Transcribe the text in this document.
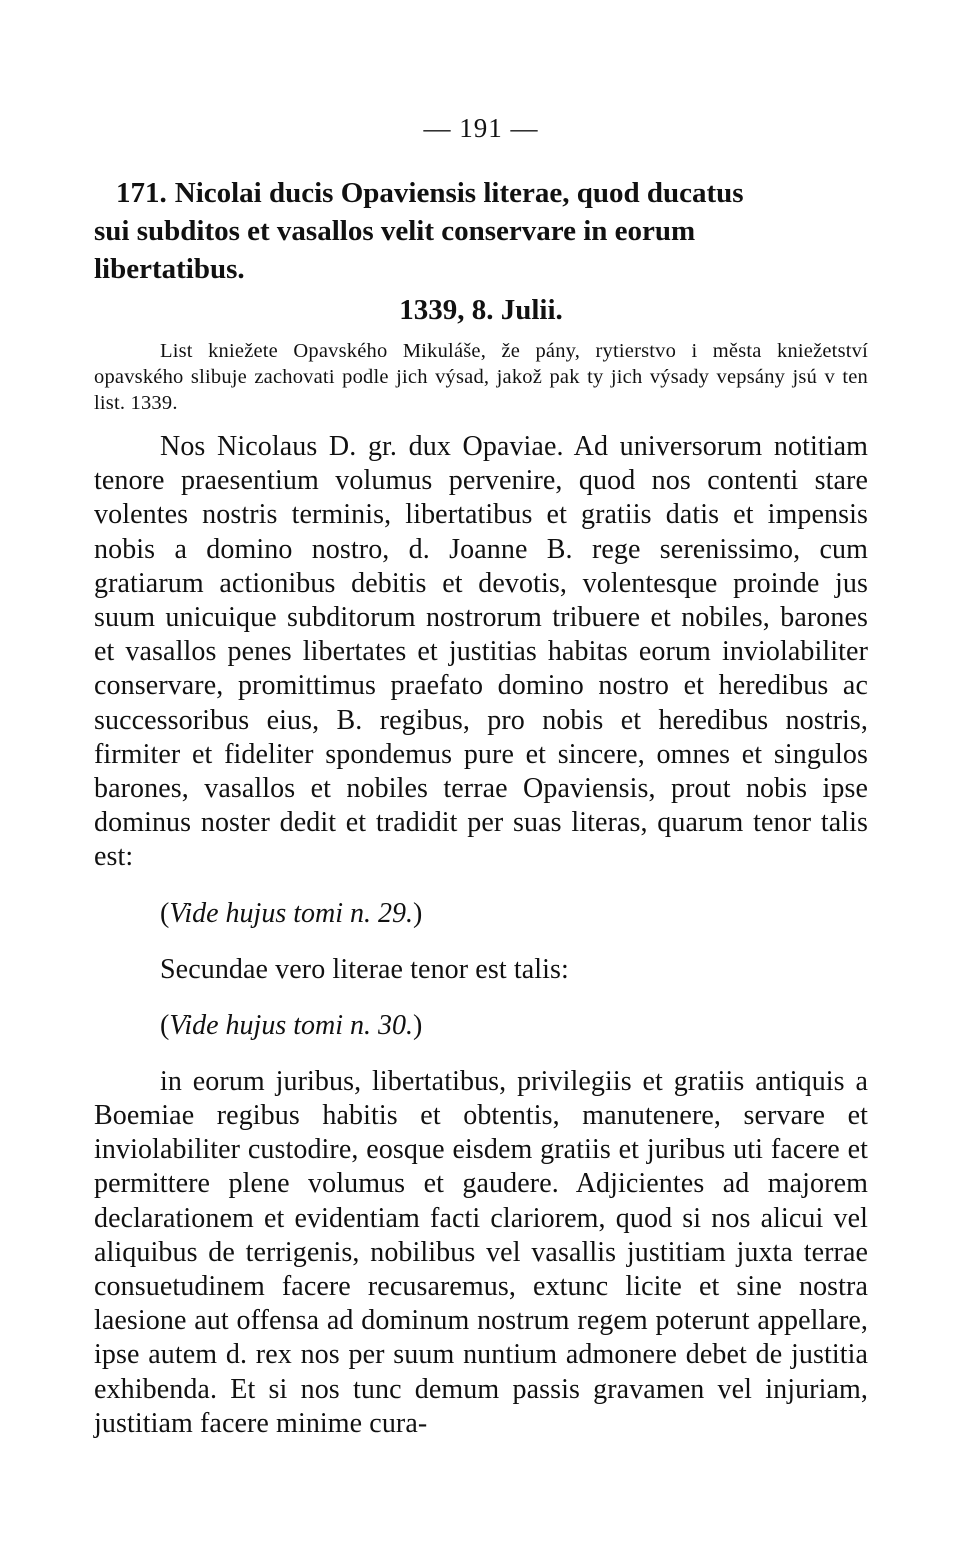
— 191 —

171. Nicolai ducis Opaviensis literae, quod ducatus

sui subditos et vasallos velit conservare in eorum

libertatibus.

1339, 8. Julii.

List kniežete Opavského Mikuláše, že pány, rytierstvo i města kniežetství opavského slibuje zachovati podle jich výsad, jakož pak ty jich výsady vepsány jsú v ten list. 1339.

Nos Nicolaus D. gr. dux Opaviae. Ad universorum notitiam tenore praesentium volumus pervenire, quod nos contenti stare volentes nostris terminis, libertatibus et gratiis datis et impensis nobis a domino nostro, d. Joanne B. rege serenissimo, cum gratiarum actionibus debitis et devotis, volentesque proinde jus suum unicuique subditorum nostrorum tribuere et nobiles, barones et vasallos penes libertates et justitias habitas eorum inviolabiliter conservare, promittimus praefato domino nostro et heredibus ac successoribus eius, B. regibus, pro nobis et heredibus nostris, firmiter et fideliter spondemus pure et sincere, omnes et singulos barones, vasallos et nobiles terrae Opaviensis, prout nobis ipse dominus noster dedit et tradidit per suas literas, quarum tenor talis est:

(Vide hujus tomi n. 29.)

Secundae vero literae tenor est talis:

(Vide hujus tomi n. 30.)

in eorum juribus, libertatibus, privilegiis et gratiis antiquis a Boemiae regibus habitis et obtentis, manutenere, servare et inviolabiliter custodire, eosque eisdem gratiis et juribus uti facere et permittere plene volumus et gaudere. Adjicientes ad majorem declarationem et evidentiam facti clariorem, quod si nos alicui vel aliquibus de terrigenis, nobilibus vel vasallis justitiam juxta terrae consuetudinem facere recusaremus, extunc licite et sine nostra laesione aut offensa ad dominum nostrum regem poterunt appellare, ipse autem d. rex nos per suum nuntium admonere debet de justitia exhibenda. Et si nos tunc demum passis gravamen vel injuriam, justitiam facere minime cura-
